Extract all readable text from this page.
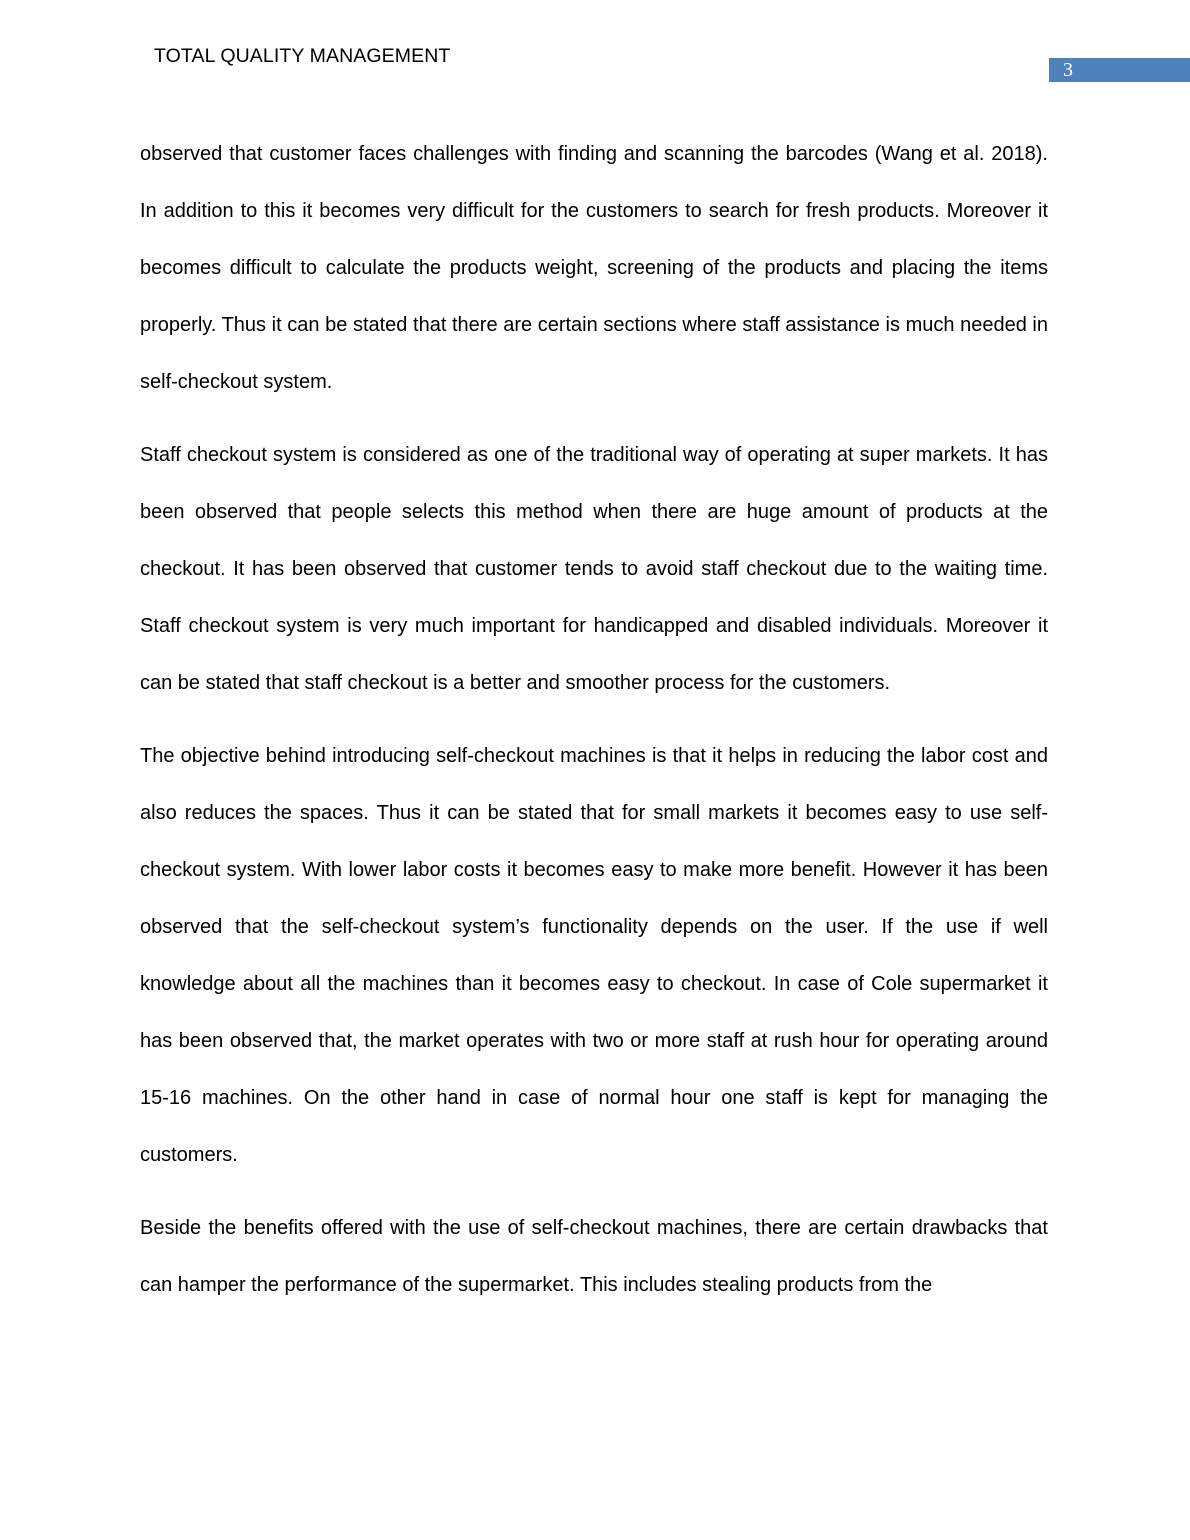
TOTAL QUALITY MANAGEMENT
3

observed that customer faces challenges with finding and scanning the barcodes (Wang et al. 2018). In addition to this it becomes very difficult for the customers to search for fresh products. Moreover it becomes difficult to calculate the products weight, screening of the products and placing the items properly. Thus it can be stated that there are certain sections where staff assistance is much needed in self-checkout system.

Staff checkout system is considered as one of the traditional way of operating at super markets. It has been observed that people selects this method when there are huge amount of products at the checkout. It has been observed that customer tends to avoid staff checkout due to the waiting time. Staff checkout system is very much important for handicapped and disabled individuals. Moreover it can be stated that staff checkout is a better and smoother process for the customers.

The objective behind introducing self-checkout machines is that it helps in reducing the labor cost and also reduces the spaces. Thus it can be stated that for small markets it becomes easy to use self-checkout system. With lower labor costs it becomes easy to make more benefit. However it has been observed that the self-checkout system’s functionality depends on the user. If the use if well knowledge about all the machines than it becomes easy to checkout. In case of Cole supermarket it has been observed that, the market operates with two or more staff at rush hour for operating around 15-16 machines. On the other hand in case of normal hour one staff is kept for managing the customers.

Beside the benefits offered with the use of self-checkout machines, there are certain drawbacks that can hamper the performance of the supermarket. This includes stealing products from the
